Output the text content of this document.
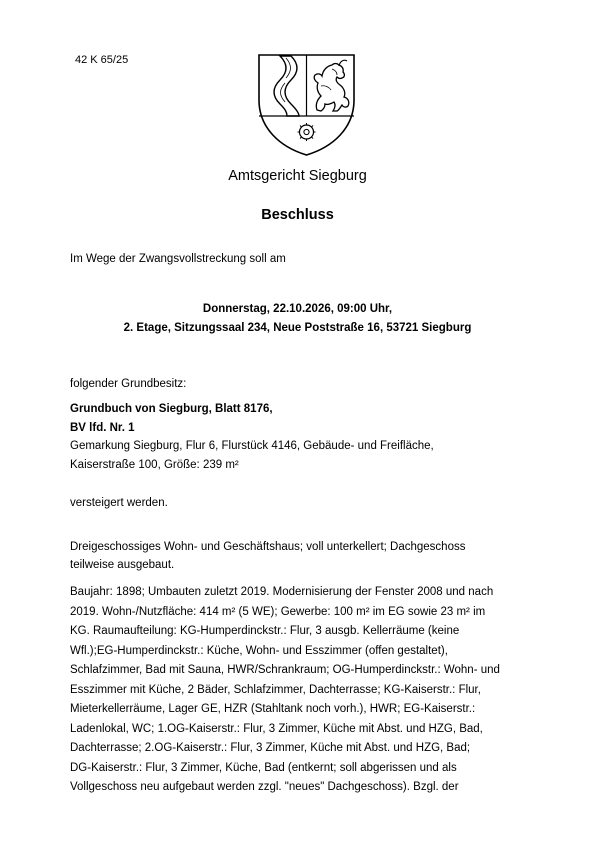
42 K 65/25
Amtsgericht Siegburg
Beschluss

Im Wege der Zwangsvollstreckung soll am

Donnerstag, 22.10.2026, 09:00 Uhr,
2. Etage, Sitzungssaal 234, Neue Poststraße 16, 53721 Siegburg

folgender Grundbesitz:

Grundbuch von Siegburg, Blatt 8176,

BV lfd. Nr. 1

Gemarkung Siegburg, Flur 6, Flurstück 4146, Gebäude- und Freifläche,

Kaiserstraße 100, Größe: 239 m²

versteigert werden.

Dreigeschossiges Wohn- und Geschäftshaus; voll unterkellert; Dachgeschoss

teilweise ausgebaut.

Baujahr: 1898; Umbauten zuletzt 2019. Modernisierung der Fenster 2008 und nach
2019. Wohn-/Nutzfläche: 414 m² (5 WE); Gewerbe: 100 m² im EG sowie 23 m² im
KG. Raumaufteilung: KG-Humperdinckstr.: Flur, 3 ausgb. Kellerräume (keine
Wfl.);EG-Humperdinckstr.: Küche, Wohn- und Esszimmer (offen gestaltet),
Schlafzimmer, Bad mit Sauna, HWR/Schrankraum; OG-Humperdinckstr.: Wohn- und
Esszimmer mit Küche, 2 Bäder, Schlafzimmer, Dachterrasse; KG-Kaiserstr.: Flur,
Mieterkellerräume, Lager GE, HZR (Stahltank noch vorh.), HWR; EG-Kaiserstr.:
Ladenlokal, WC; 1.OG-Kaiserstr.: Flur, 3 Zimmer, Küche mit Abst. und HZG, Bad,
Dachterrasse; 2.OG-Kaiserstr.: Flur, 3 Zimmer, Küche mit Abst. und HZG, Bad;
DG-Kaiserstr.: Flur, 3 Zimmer, Küche, Bad (entkernt; soll abgerissen und als
Vollgeschoss neu aufgebaut werden zzgl. "neues" Dachgeschoss). Bzgl. der
